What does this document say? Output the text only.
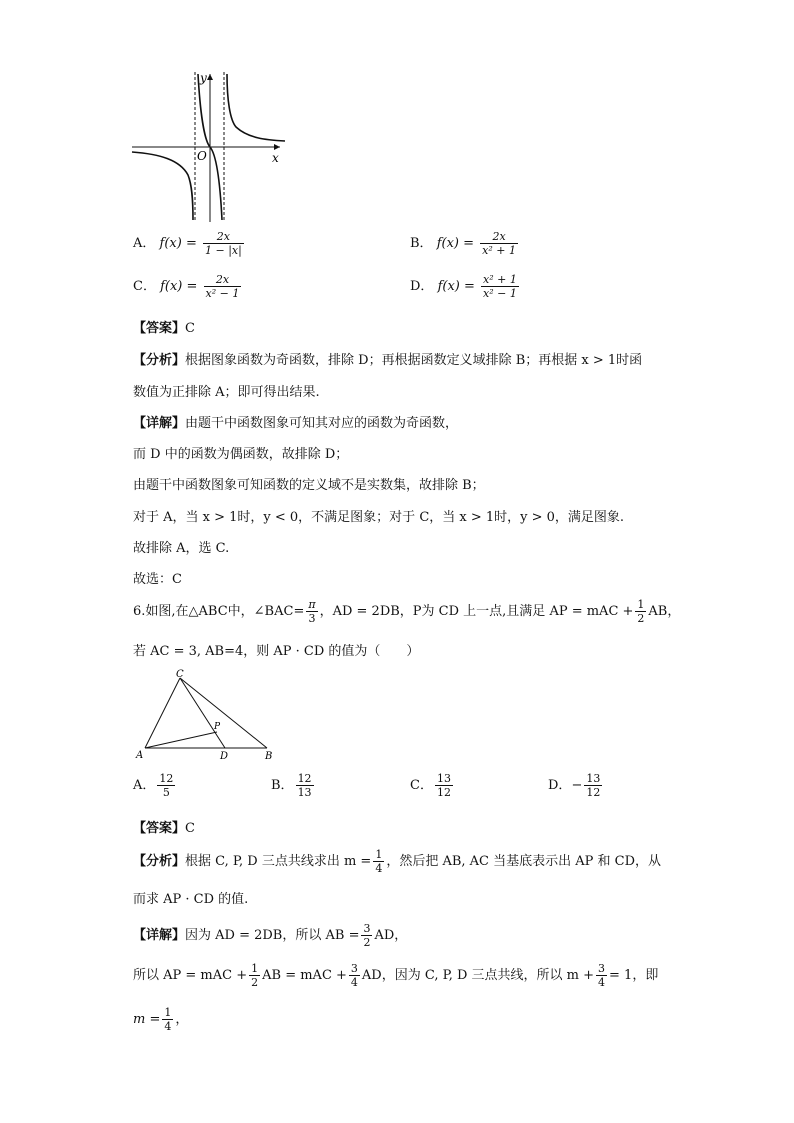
y
x
O
A． $f(x) = \frac{2x}{1 - |x|}$	B． $f(x) = \frac{2x}{\text{x² + 1}}$
C． $f(x) = \frac{2x}{\text{x² − 1}}$	D． $f(x) = \frac{\text{x² + 1}}{\text{x² − 1}}$
【答案】C
【分析】根据图象函数为奇函数，排除 D；再根据函数定义域排除 B；再根据 x > 1时函
数值为正排除 A；即可得出结果.
【详解】由题干中函数图象可知其对应的函数为奇函数，
而 D 中的函数为偶函数，故排除 D；
由题干中函数图象可知函数的定义域不是实数集，故排除 B；
对于 A，当 x > 1时，y < 0，不满足图象；对于 C，当 x > 1时，y > 0，满足图象.
故排除 A，选 C.
故选：C
6.如图,在△ABC中，∠BAC= $\frac{\pi}{3}$ ，AD = 2DB，P为 CD 上一点,且满足 AP = mAC + $\frac{1}{2}$ AB，
若 AC = 3, AB=4，则 AP · CD 的值为（　　）
C
A	D	B
P
A． $\frac{12}{5}$	B． $\frac{12}{13}$	C． $\frac{13}{12}$	D．− $\frac{13}{12}$
【答案】C
【分析】根据 C, P, D 三点共线求出 $m = \frac{1}{4}$ ，然后把 AB, AC 当基底表示出 AP 和 CD，从
而求 AP · CD 的值.
【详解】因为 AD = 2DB，所以 AB = $\frac{3}{2}$ AD，
所以 AP = mAC + $\frac{1}{2}$ AB = mAC + $\frac{3}{4}$ AD，因为 C, P, D 三点共线，所以 $m + \frac{3}{4} = 1$，即
$m = \frac{1}{4}$ ，
